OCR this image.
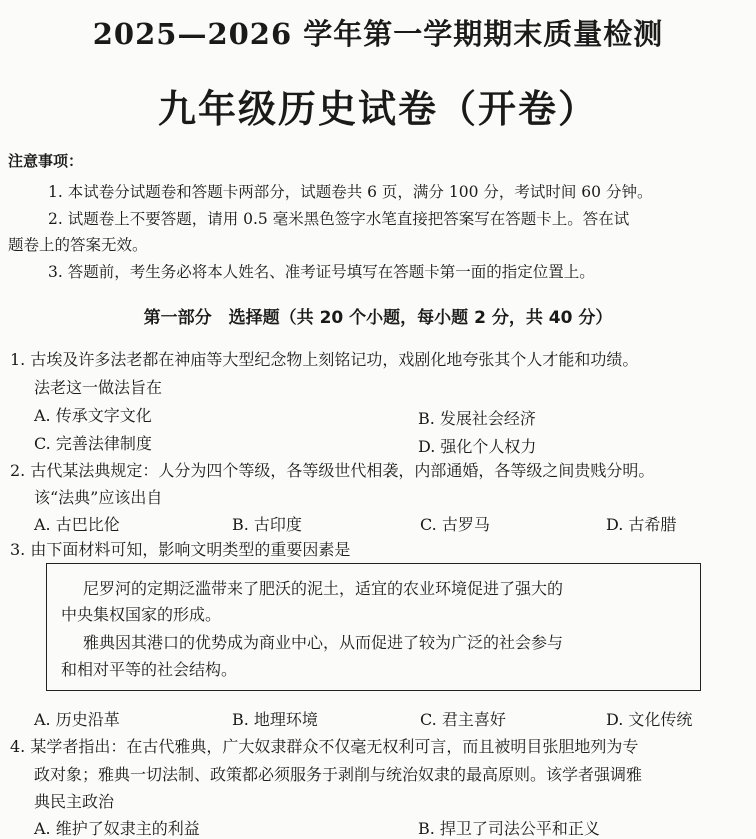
2025—2026 学年第一学期期末质量检测
九年级历史试卷（开卷）
注意事项：
1. 本试卷分试题卷和答题卡两部分，试题卷共 6 页，满分 100 分，考试时间 60 分钟。
2. 试题卷上不要答题，请用 0.5 毫米黑色签字水笔直接把答案写在答题卡上。答在试
题卷上的答案无效。
3. 答题前，考生务必将本人姓名、准考证号填写在答题卡第一面的指定位置上。
第一部分　选择题（共 20 个小题，每小题 2 分，共 40 分）
1. 古埃及许多法老都在神庙等大型纪念物上刻铭记功，戏剧化地夸张其个人才能和功绩。
法老这一做法旨在
A. 传承文字文化	B. 发展社会经济
C. 完善法律制度	D. 强化个人权力
2. 古代某法典规定：人分为四个等级，各等级世代相袭，内部通婚，各等级之间贵贱分明。
该“法典”应该出自
A. 古巴比伦	B. 古印度	C. 古罗马	D. 古希腊
3. 由下面材料可知，影响文明类型的重要因素是

尼罗河的定期泛滥带来了肥沃的泥土，适宜的农业环境促进了强大的

中央集权国家的形成。

雅典因其港口的优势成为商业中心，从而促进了较为广泛的社会参与

和相对平等的社会结构。

A. 历史沿革	B. 地理环境	C. 君主喜好	D. 文化传统
4. 某学者指出：在古代雅典，广大奴隶群众不仅毫无权利可言，而且被明目张胆地列为专
政对象；雅典一切法制、政策都必须服务于剥削与统治奴隶的最高原则。该学者强调雅
典民主政治
A. 维护了奴隶主的利益	B. 捍卫了司法公平和正义
